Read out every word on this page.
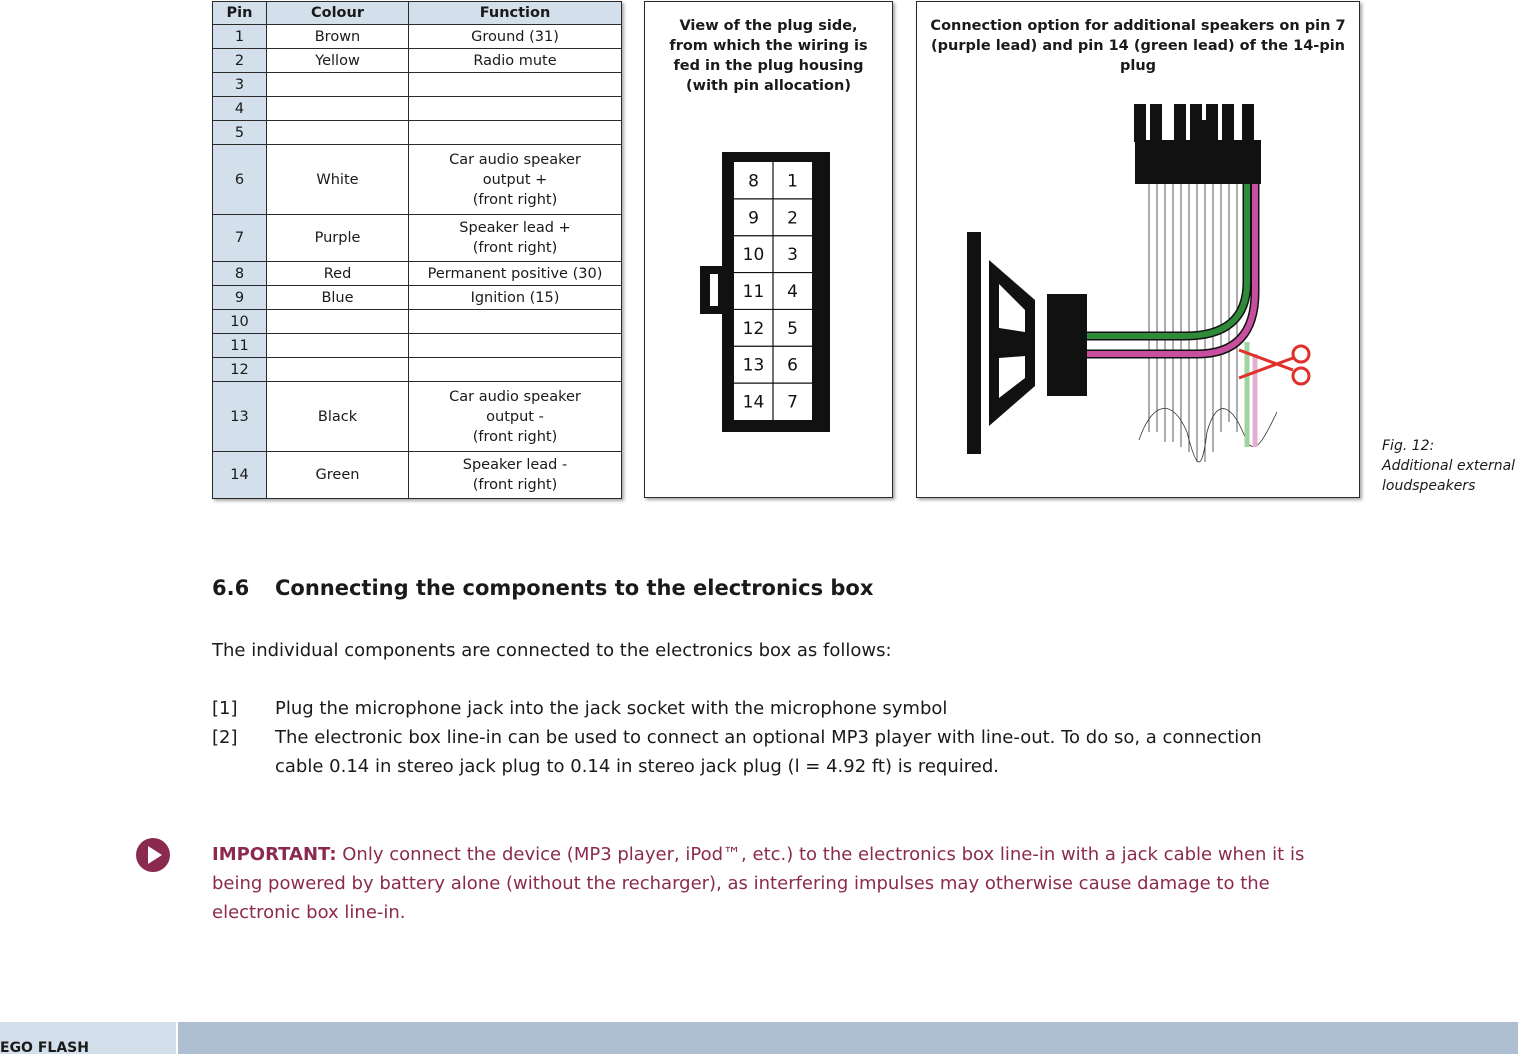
Pin	Colour	Function
1	Brown	Ground (31)
2	Yellow	Radio mute
3		
4		
5		
6	White	Car audio speaker
output +
(front right)
7	Purple	Speaker lead +
(front right)
8	Red	Permanent positive (30)
9	Blue	Ignition (15)
10		
11		
12		
13	Black	Car audio speaker
output -
(front right)
14	Green	Speaker lead -
(front right)
View of the plug side,
from which the wiring is
fed in the plug housing
(with pin allocation)
8
9
10
11
12
13
14
1
2
3
4
5
6
7
Connection option for additional speakers on pin 7
(purple lead) and pin 14 (green lead) of the 14-pin plug
Fig. 12:
Additional external
loudspeakers
6.6 Connecting the components to the electronics box
The individual components are connected to the electronics box as follows:
[1] Plug the microphone jack into the jack socket with the microphone symbol
[2] The electronic box line-in can be used to connect an optional MP3 player with line-out. To do so, a connection cable 0.14 in stereo jack plug to 0.14 in stereo jack plug (l = 4.92 ft) is required.
IMPORTANT: Only connect the device (MP3 player, iPod™, etc.) to the electronics box line-in with a jack cable when it is being powered by battery alone (without the recharger), as interfering impulses may otherwise cause damage to the electronic box line-in.
EGO FLASH
